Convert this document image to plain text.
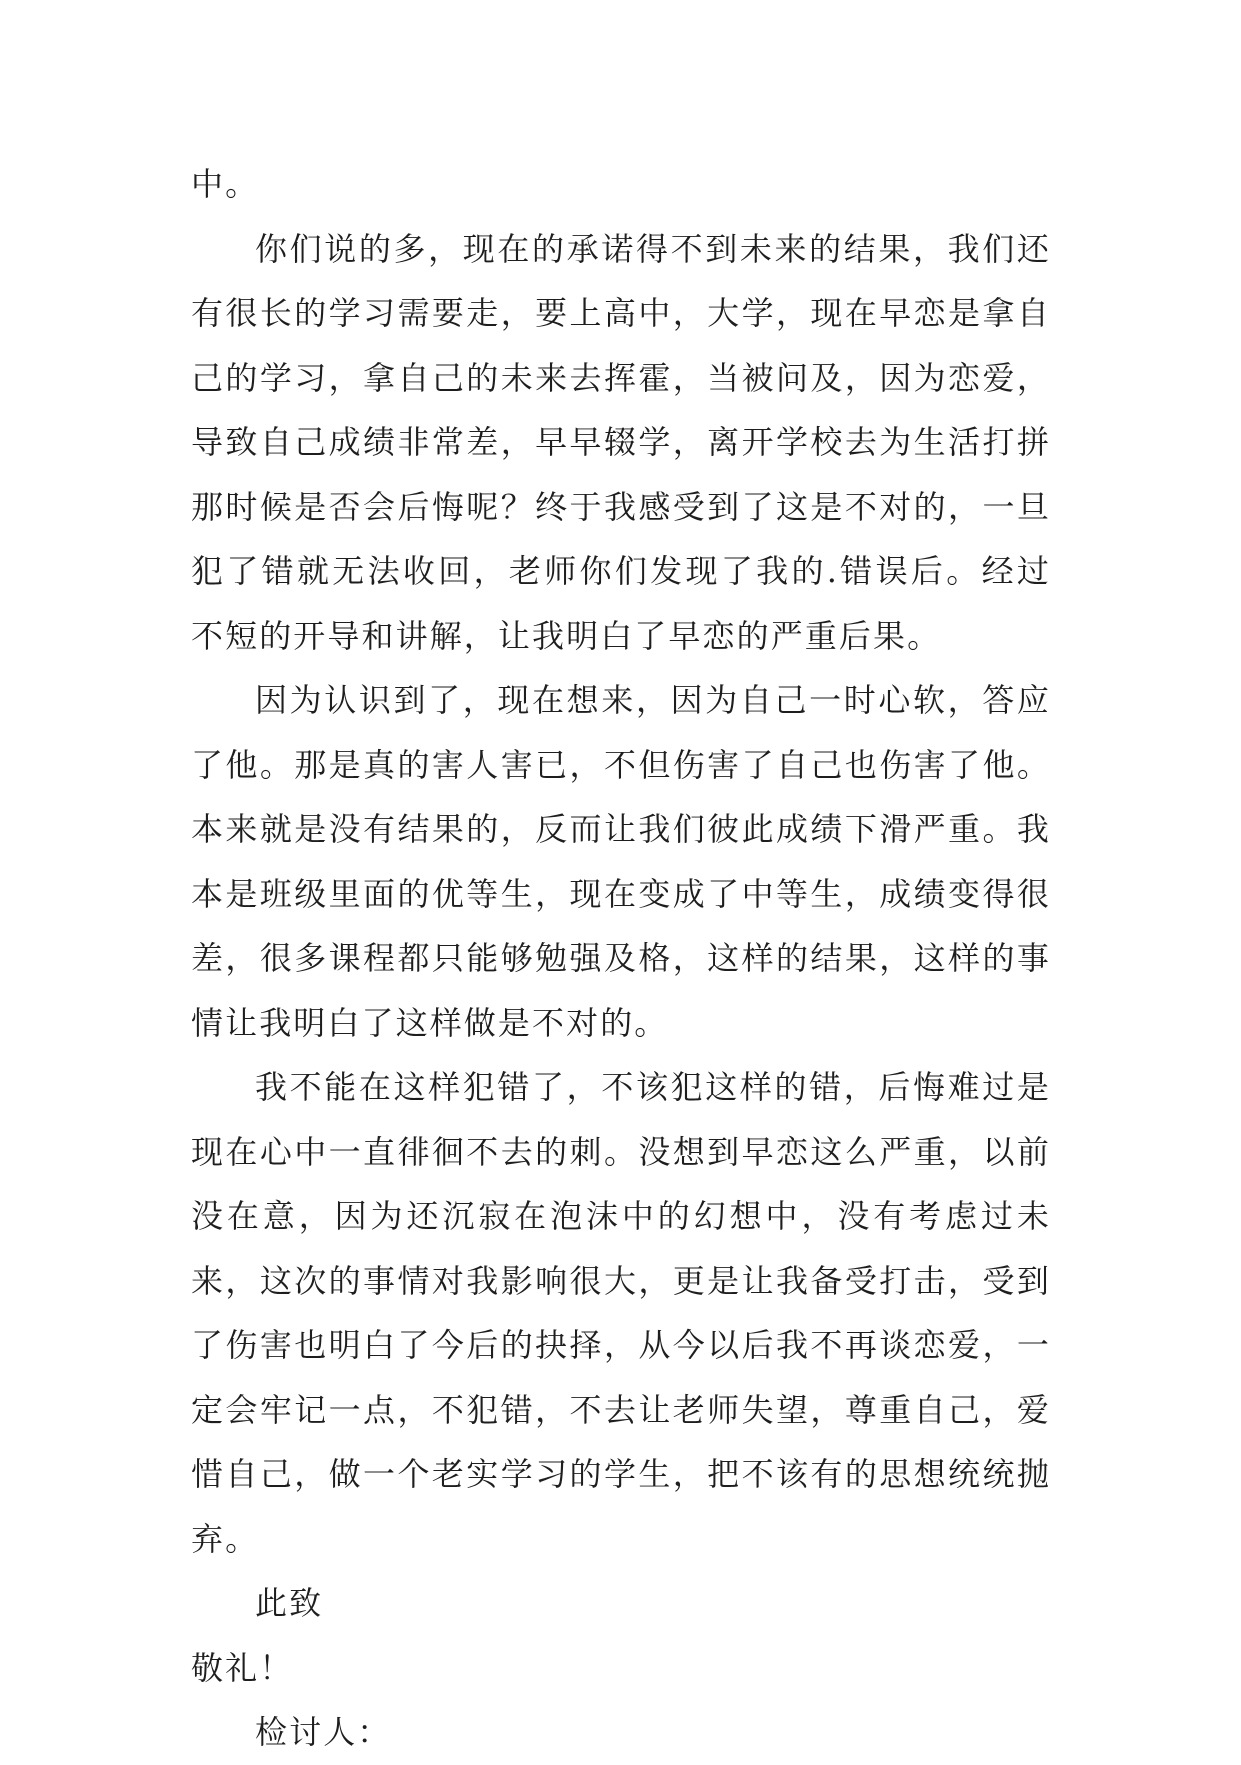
中。

你们说的多，现在的承诺得不到未来的结果，我们还有很长的学习需要走，要上高中，大学，现在早恋是拿自己的学习，拿自己的未来去挥霍，当被问及，因为恋爱，导致自己成绩非常差，早早辍学，离开学校去为生活打拼那时候是否会后悔呢？终于我感受到了这是不对的，一旦犯了错就无法收回，老师你们发现了我的.错误后。经过不短的开导和讲解，让我明白了早恋的严重后果。

因为认识到了，现在想来，因为自己一时心软，答应了他。那是真的害人害已，不但伤害了自己也伤害了他。本来就是没有结果的，反而让我们彼此成绩下滑严重。我本是班级里面的优等生，现在变成了中等生，成绩变得很差，很多课程都只能够勉强及格，这样的结果，这样的事情让我明白了这样做是不对的。

我不能在这样犯错了，不该犯这样的错，后悔难过是现在心中一直徘徊不去的刺。没想到早恋这么严重，以前没在意，因为还沉寂在泡沫中的幻想中，没有考虑过未来，这次的事情对我影响很大，更是让我备受打击，受到了伤害也明白了今后的抉择，从今以后我不再谈恋爱，一定会牢记一点，不犯错，不去让老师失望，尊重自己，爱惜自己，做一个老实学习的学生，把不该有的思想统统抛弃。

此致

敬礼！

检讨人：
